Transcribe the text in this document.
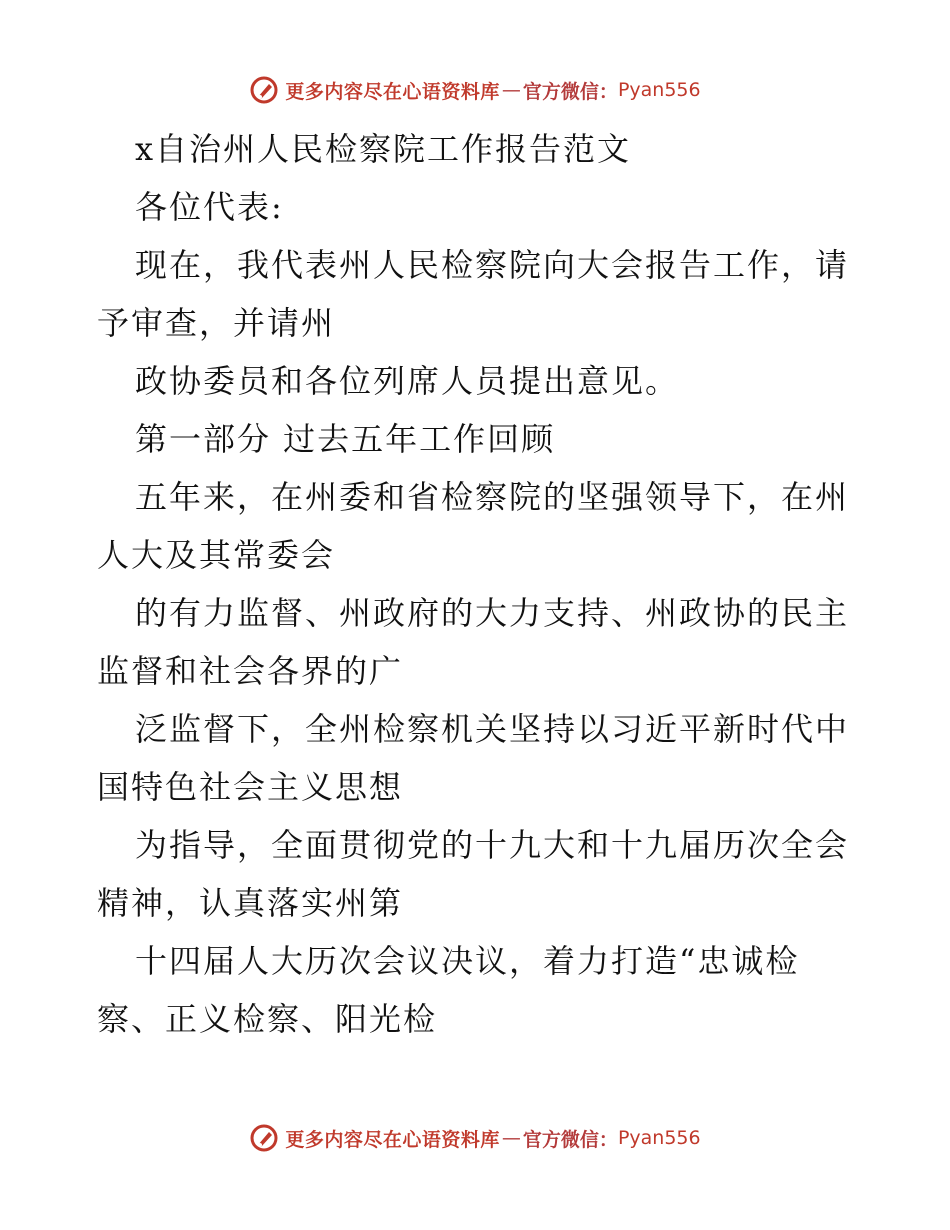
更多内容尽在心语资料库 — 官方微信： Pyan556
x自治州人民检察院工作报告范文
各位代表:
现在，我代表州人民检察院向大会报告工作，请
予审查，并请州
政协委员和各位列席人员提出意见。
第一部分 过去五年工作回顾
五年来，在州委和省检察院的坚强领导下，在州
人大及其常委会
的有力监督、州政府的大力支持、州政协的民主
监督和社会各界的广
泛监督下，全州检察机关坚持以习近平新时代中
国特色社会主义思想
为指导，全面贯彻党的十九大和十九届历次全会
精神，认真落实州第
十四届人大历次会议决议，着力打造“忠诚检
察、正义检察、阳光检
更多内容尽在心语资料库 — 官方微信： Pyan556
